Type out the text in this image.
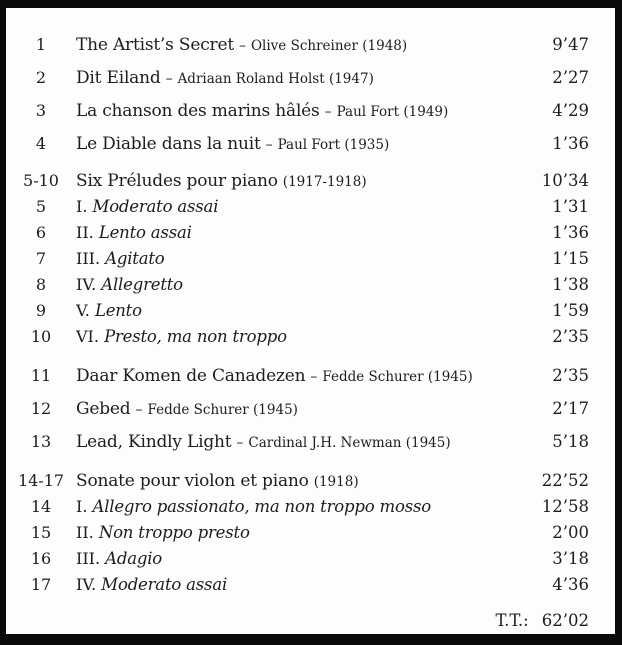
1	The Artist’s Secret – Olive Schreiner (1948)	9’47
2	Dit Eiland – Adriaan Roland Holst (1947)	2’27
3	La chanson des marins hâlés – Paul Fort (1949)	4’29
4	Le Diable dans la nuit – Paul Fort (1935)	1’36
5-10	Six Préludes pour piano (1917-1918)	10’34
5	I. Moderato assai	1’31
6	II. Lento assai	1’36
7	III. Agitato	1’15
8	IV. Allegretto	1’38
9	V. Lento	1’59
10	VI. Presto, ma non troppo	2’35
11	Daar Komen de Canadezen – Fedde Schurer (1945)	2’35
12	Gebed – Fedde Schurer (1945)	2’17
13	Lead, Kindly Light – Cardinal J.H. Newman (1945)	5’18
14-17 Sonate pour violon et piano (1918)	22’52
14	I. Allegro passionato, ma non troppo mosso	12’58
15	II. Non troppo presto	2’00
16	III. Adagio	3’18
17	IV. Moderato assai	4’36
T.T.: 62’02
